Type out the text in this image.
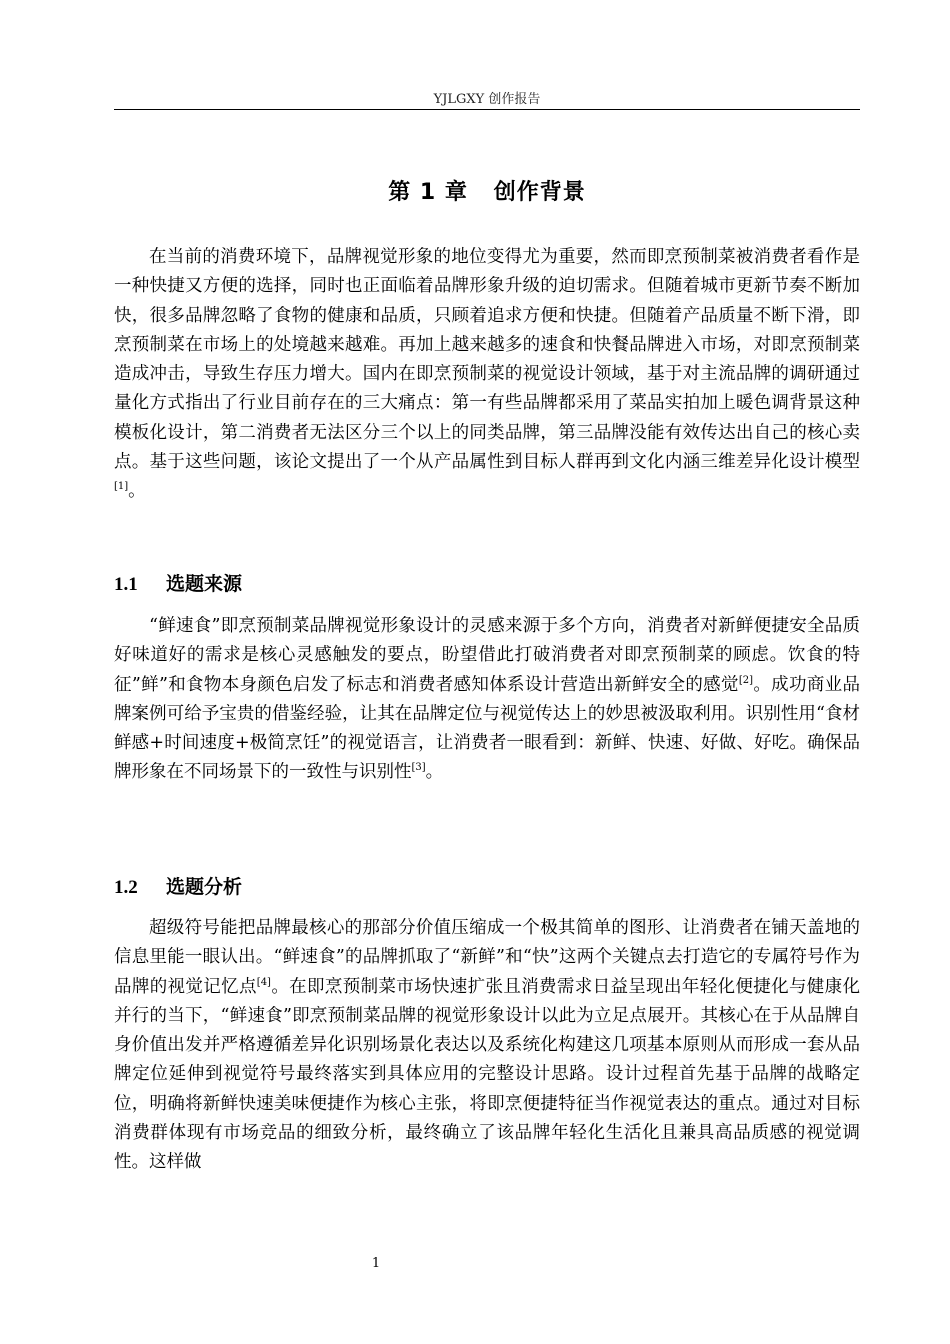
YJLGXY 创作报告
第 1 章   创作背景

在当前的消费环境下，品牌视觉形象的地位变得尤为重要，然而即烹预制菜被消费者看作是一种快捷又方便的选择，同时也正面临着品牌形象升级的迫切需求。但随着城市更新节奏不断加快，很多品牌忽略了食物的健康和品质，只顾着追求方便和快捷。但随着产品质量不断下滑，即烹预制菜在市场上的处境越来越难。再加上越来越多的速食和快餐品牌进入市场，对即烹预制菜造成冲击，导致生存压力增大。国内在即烹预制菜的视觉设计领域，基于对主流品牌的调研通过量化方式指出了行业目前存在的三大痛点：第一有些品牌都采用了菜品实拍加上暖色调背景这种模板化设计，第二消费者无法区分三个以上的同类品牌，第三品牌没能有效传达出自己的核心卖点。基于这些问题，该论文提出了一个从产品属性到目标人群再到文化内涵三维差异化设计模型[1]。

1.1 选题来源

“鲜速食”即烹预制菜品牌视觉形象设计的灵感来源于多个方向，消费者对新鲜便捷安全品质好味道好的需求是核心灵感触发的要点，盼望借此打破消费者对即烹预制菜的顾虑。饮食的特征”鲜”和食物本身颜色启发了标志和消费者感知体系设计营造出新鲜安全的感觉[2]。成功商业品牌案例可给予宝贵的借鉴经验，让其在品牌定位与视觉传达上的妙思被汲取利用。识别性用“食材鲜感+时间速度+极简烹饪”的视觉语言，让消费者一眼看到：新鲜、快速、好做、好吃。确保品牌形象在不同场景下的一致性与识别性[3]。

1.2 选题分析

超级符号能把品牌最核心的那部分价值压缩成一个极其简单的图形、让消费者在铺天盖地的信息里能一眼认出。“鲜速食”的品牌抓取了“新鲜”和“快”这两个关键点去打造它的专属符号作为品牌的视觉记忆点[4]。在即烹预制菜市场快速扩张且消费需求日益呈现出年轻化便捷化与健康化并行的当下，“鲜速食”即烹预制菜品牌的视觉形象设计以此为立足点展开。其核心在于从品牌自身价值出发并严格遵循差异化识别场景化表达以及系统化构建这几项基本原则从而形成一套从品牌定位延伸到视觉符号最终落实到具体应用的完整设计思路。设计过程首先基于品牌的战略定位，明确将新鲜快速美味便捷作为核心主张，将即烹便捷特征当作视觉表达的重点。通过对目标消费群体现有市场竞品的细致分析，最终确立了该品牌年轻化生活化且兼具高品质感的视觉调性。这样做

1
